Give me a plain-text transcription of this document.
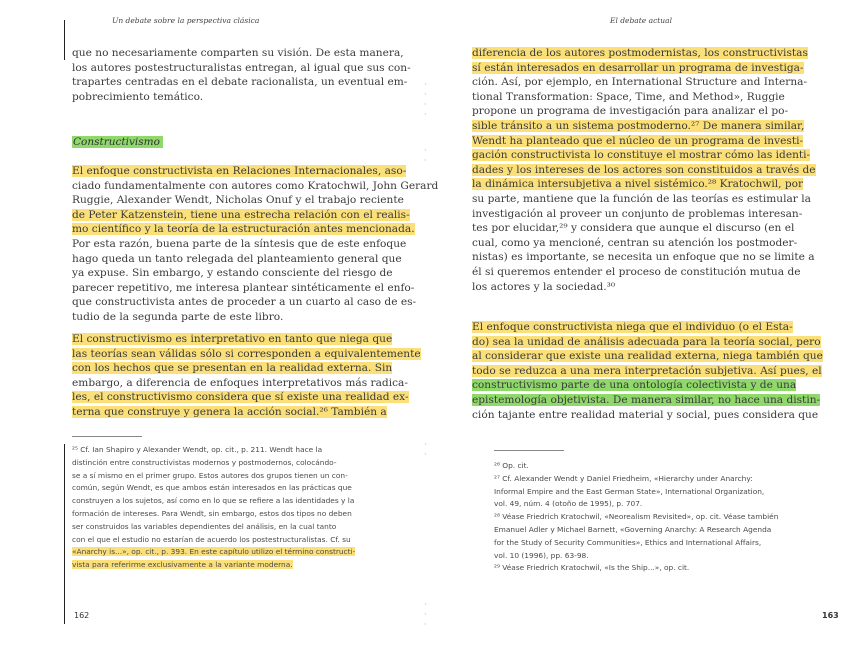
Un debate sobre la perspectiva clásica
que no necesariamente comparten su visión. De esta manera,
los autores postestructuralistas entregan, al igual que sus con-
trapartes centradas en el debate racionalista, un eventual em-
pobrecimiento temático.
Constructivismo
El enfoque constructivista en Relaciones Internacionales, aso-
ciado fundamentalmente con autores como Kratochwil, John Gerard
Ruggie, Alexander Wendt, Nicholas Onuf y el trabajo reciente
de Peter Katzenstein, tiene una estrecha relación con el realis-
mo científico y la teoría de la estructuración antes mencionada.
Por esta razón, buena parte de la síntesis que de este enfoque
hago queda un tanto relegada del planteamiento general que
ya expuse. Sin embargo, y estando consciente del riesgo de
parecer repetitivo, me interesa plantear sintéticamente el enfo-
que constructivista antes de proceder a un cuarto al caso de es-
tudio de la segunda parte de este libro.
El constructivismo es interpretativo en tanto que niega que
las teorías sean válidas sólo si corresponden a equivalentemente
con los hechos que se presentan en la realidad externa. Sin
embargo, a diferencia de enfoques interpretativos más radica-
les, el constructivismo considera que sí existe una realidad ex-
terna que construye y genera la acción social.²⁶ También a
²⁵ Cf. Ian Shapiro y Alexander Wendt, op. cit., p. 211. Wendt hace la
distinción entre constructivistas modernos y postmodernos, colocándo-
se a sí mismo en el primer grupo. Estos autores dos grupos tienen un con-
común, según Wendt, es que ambos están interesados en las prácticas que
construyen a los sujetos, así como en lo que se refiere a las identidades y la
formación de intereses. Para Wendt, sin embargo, estos dos tipos no deben
ser construidos las variables dependientes del análisis, en la cual tanto
con el que el estudio no estarían de acuerdo los postestructuralistas. Cf. su
«Anarchy is...», op. cit., p. 393. En este capítulo utilizo el término constructi-
vista para referirme exclusivamente a la variante moderna.
162
·
·
·
·
·
·
·
·
·
·
·
El debate actual
diferencia de los autores postmodernistas, los constructivistas
sí están interesados en desarrollar un programa de investiga-
ción. Así, por ejemplo, en International Structure and Interna-
tional Transformation: Space, Time, and Method», Ruggie
propone un programa de investigación para analizar el po-
sible tránsito a un sistema postmoderno.²⁷ De manera similar,
Wendt ha planteado que el núcleo de un programa de investi-
gación constructivista lo constituye el mostrar cómo las identi-
dades y los intereses de los actores son constituidos a través de
la dinámica intersubjetiva a nivel sistémico.²⁸ Kratochwil, por
su parte, mantiene que la función de las teorías es estimular la
investigación al proveer un conjunto de problemas interesan-
tes por elucidar,²⁹ y considera que aunque el discurso (en el
cual, como ya mencioné, centran su atención los postmoder-
nistas) es importante, se necesita un enfoque que no se limite a
él si queremos entender el proceso de constitución mutua de
los actores y la sociedad.³⁰
El enfoque constructivista niega que el individuo (o el Esta-
do) sea la unidad de análisis adecuada para la teoría social, pero
al considerar que existe una realidad externa, niega también que
todo se reduzca a una mera interpretación subjetiva. Así pues, el
constructivismo parte de una ontología colectivista y de una
epistemología objetivista. De manera similar, no hace una distin-
ción tajante entre realidad material y social, pues considera que
²⁶ Op. cit.
²⁷ Cf. Alexander Wendt y Daniel Friedheim, «Hierarchy under Anarchy:
Informal Empire and the East German State», International Organization,
vol. 49, núm. 4 (otoño de 1995), p. 707.
²⁸ Véase Friedrich Kratochwil, «Neorealism Revisited», op. cit. Véase también
Emanuel Adler y Michael Barnett, «Governing Anarchy: A Research Agenda
for the Study of Security Communities», Ethics and International Affairs,
vol. 10 (1996), pp. 63-98.
²⁹ Véase Friedrich Kratochwil, «Is the Ship...», op. cit.
163
